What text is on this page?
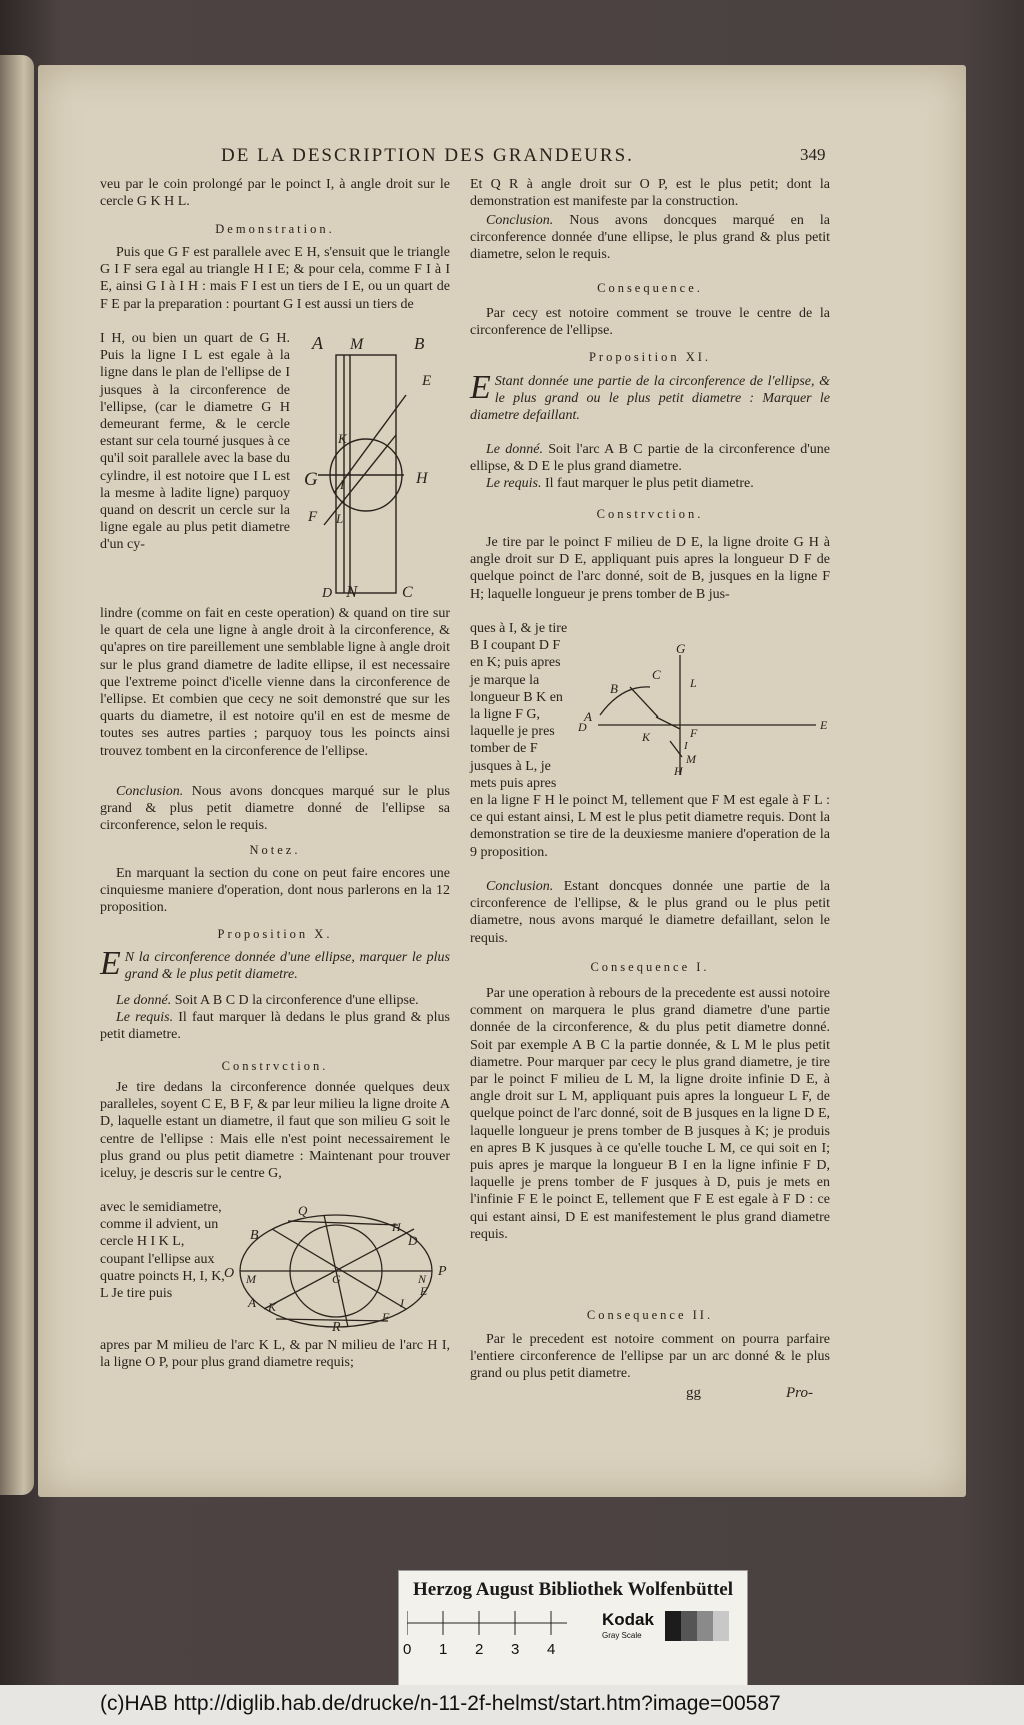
DE LA DESCRIPTION DES GRANDEURS.	349
veu par le coin prolongé par le poinct I, à angle droit sur le cercle G K H L.
Demonstration.
Puis que G F est parallele avec E H, s'ensuit que le triangle G I F sera egal au triangle H I E; & pour cela, comme F I à I E, ainsi G I à I H : mais F I est un tiers de I E, ou un quart de F E par la preparation : pourtant G I est aussi un tiers de
I H, ou bien un quart de G H. Puis la ligne I L est egale à la ligne dans le plan de l'ellipse de I jusques à la circonference de l'ellipse, (car le diametre G H demeurant ferme, & le cercle estant sur cela tourné jusques à ce qu'il soit parallele avec la base du cylindre, il est notoire que I L est la mesme à ladite ligne) parquoy quand on descrit un cercle sur la ligne egale au plus petit diametre d'un cy-
A M	B
E
K
G I	H
F L
D N	C
lindre (comme on fait en ceste operation) & quand on tire sur le quart de cela une ligne à angle droit à la circonference, & qu'apres on tire pareillement une semblable ligne à angle droit sur le plus grand diametre de ladite ellipse, il est necessaire que l'extreme poinct d'icelle vienne dans la circonference de l'ellipse. Et combien que cecy ne soit demonstré que sur les quarts du diametre, il est notoire qu'il en est de mesme de toutes ses autres parties ; parquoy tous les poincts ainsi trouvez tombent en la circonference de l'ellipse.
Conclusion. Nous avons doncques marqué sur le plus grand & plus petit diametre donné de l'ellipse sa circonference, selon le requis.
Notez.
En marquant la section du cone on peut faire encores une cinquiesme maniere d'operation, dont nous parlerons en la 12 proposition.
Proposition X.
E N la circonference donnée d'une ellipse, marquer le plus grand & le plus petit diametre.
Le donné. Soit A B C D la circonference d'une ellipse.
Le requis. Il faut marquer là dedans le plus grand & plus petit diametre.
Constrvction.
Je tire dedans la circonference donnée quelques deux paralleles, soyent C E, B F, & par leur milieu la ligne droite A D, laquelle estant un diametre, il faut que son milieu G soit le centre de l'ellipse : Mais elle n'est point necessairement le plus grand ou plus petit diametre : Maintenant pour trouver iceluy, je descris sur le centre G,
avec le semidiametre, comme il advient, un cercle H I K L, coupant l'ellipse aux quatre poincts H, I, K, L Je tire puis
Q
B
H
D
O M	G	N P
A K
R
F
I
E
apres par M milieu de l'arc K L, & par N milieu de l'arc H I, la ligne O P, pour plus grand diametre requis;
Et Q R à angle droit sur O P, est le plus petit; dont la demonstration est manifeste par la construction.
Conclusion. Nous avons doncques marqué en la circonference donnée d'une ellipse, le plus grand & plus petit diametre, selon le requis.
Consequence.
Par cecy est notoire comment se trouve le centre de la circonference de l'ellipse.
Proposition XI.
E Stant donnée une partie de la circonference de l'ellipse, & le plus grand ou le plus petit diametre : Marquer le diametre defaillant.
Le donné. Soit l'arc A B C partie de la circonference d'une ellipse, & D E le plus grand diametre.
Le requis. Il faut marquer le plus petit diametre.
Constrvction.
Je tire par le poinct F milieu de D E, la ligne droite G H à angle droit sur D E, appliquant puis apres la longueur D F de quelque poinct de l'arc donné, soit de B, jusques en la ligne F H; laquelle longueur je prens tomber de B jus-
ques à I, & je tire B I coupant D F en K; puis apres je marque la longueur B K en la ligne F G, laquelle je pres tomber de F jusques à L, je mets puis apres
G
C
L
B
A
D	F
E
K
I
M
H
en la ligne F H le poinct M, tellement que F M est egale à F L : ce qui estant ainsi, L M est le plus petit diametre requis. Dont la demonstration se tire de la deuxiesme maniere d'operation de la 9 proposition.
Conclusion. Estant doncques donnée une partie de la circonference de l'ellipse, & le plus grand ou le plus petit diametre, nous avons marqué le diametre defaillant, selon le requis.
Consequence I.
Par une operation à rebours de la precedente est aussi notoire comment on marquera le plus grand diametre d'une partie donnée de la circonference, & du plus petit diametre donné. Soit par exemple A B C la partie donnée, & L M le plus petit diametre. Pour marquer par cecy le plus grand diametre, je tire par le poinct F milieu de L M, la ligne droite infinie D E, à angle droit sur L M, appliquant puis apres la longueur L F, de quelque poinct de l'arc donné, soit de B jusques en la ligne D E, laquelle longueur je prens tomber de B jusques à K; je produis en apres B K jusques à ce qu'elle touche L M, ce qui soit en I; puis apres je marque la longueur B I en la ligne infinie F D, laquelle je prens tomber de F jusques à D, puis je mets en l'infinie F E le poinct E, tellement que F E est egale à F D : ce qui estant ainsi, D E est manifestement le plus grand diametre requis.
Consequence II.
Par le precedent est notoire comment on pourra parfaire l'entiere circonference de l'ellipse par un arc donné & le plus grand ou plus petit diametre.
gg	Pro-
Herzog August Bibliothek Wolfenbüttel
0 1 2 3 4
Kodak
Gray Scale
(c)HAB http://diglib.hab.de/drucke/n-11-2f-helmst/start.htm?image=00587
